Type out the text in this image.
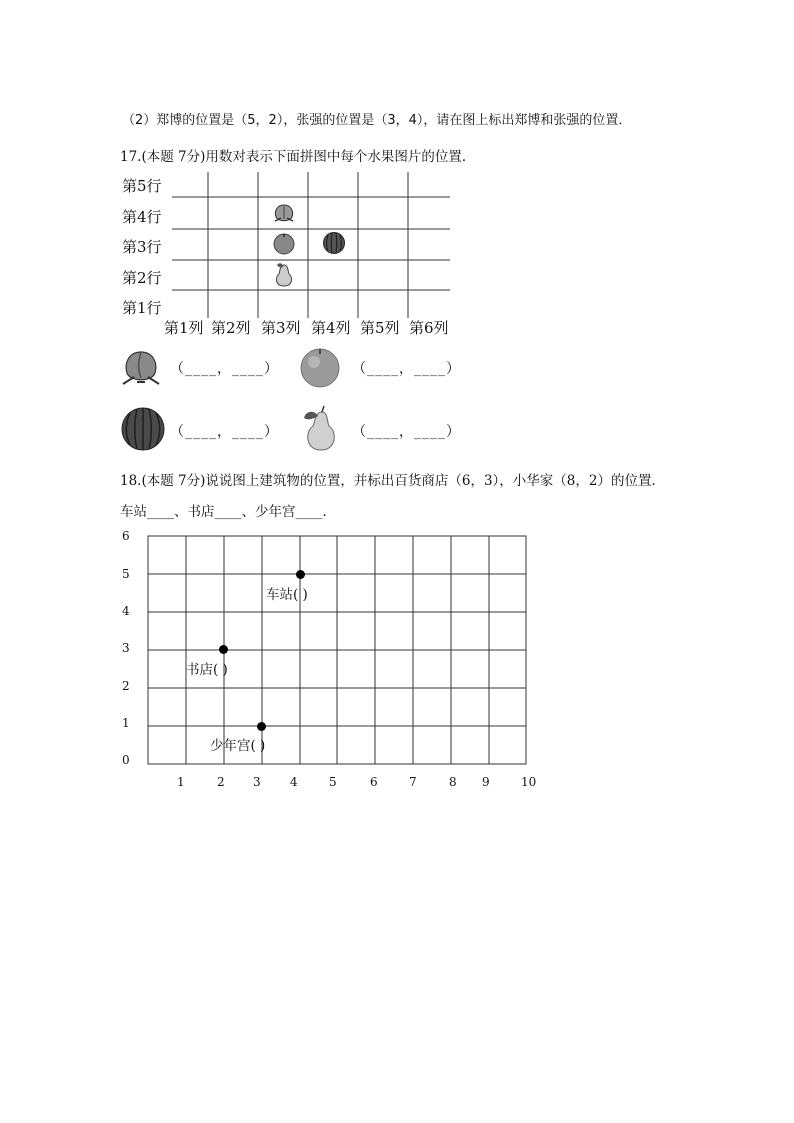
（2）郑博的位置是（5，2），张强的位置是（3，4），请在图上标出郑博和张强的位置．
17.(本题 7分)用数对表示下面拼图中每个水果图片的位置．
第5行
第4行
第3行
第2行
第1行
第1列 第2列 第3列 第4列 第5列 第6列
（____，____）	（____，____）
（____，____）	（____，____）
18.(本题 7分)说说图上建筑物的位置，并标出百货商店（6，3），小华家（8，2）的位置．
车站____、书店____、少年宫____．
6
5
4
3
2
1
0
1	2 3 4	5	6	7	8 9	10
车站( )
书店( )
少年宫( )
